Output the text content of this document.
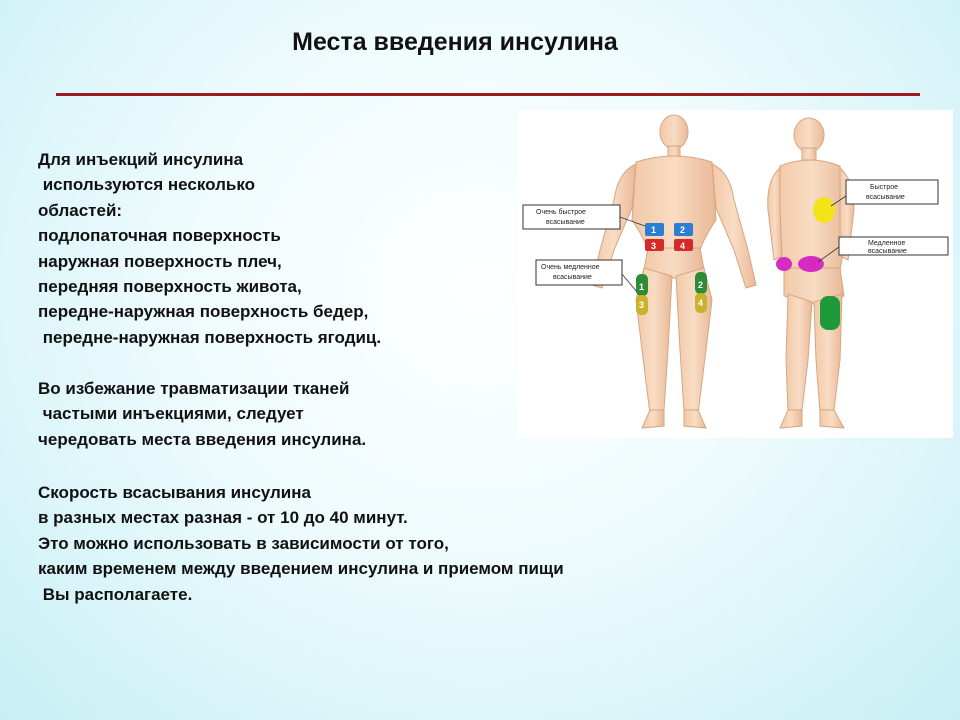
Места введения инсулина
Для инъекций инсулина
используются несколько
областей:
подлопаточная поверхность
наружная поверхность плеч,
передняя поверхность живота,
передне-наружная поверхность бедер,
передне-наружная поверхность ягодиц.
Во избежание травматизации тканей
частыми инъекциями, следует
чередовать места введения инсулина.
Скорость всасывания инсулина
в разных местах разная - от 10 до 40 минут.
Это можно использовать в зависимости от того,
каким временем между введением инсулина и приемом пищи
Вы располагаете.
1	2
3	4
1
3
2
4
Очень быстрое
всасывание
Очень медленное
всасывание
Быстрое
всасывание
Медленное
всасывание
